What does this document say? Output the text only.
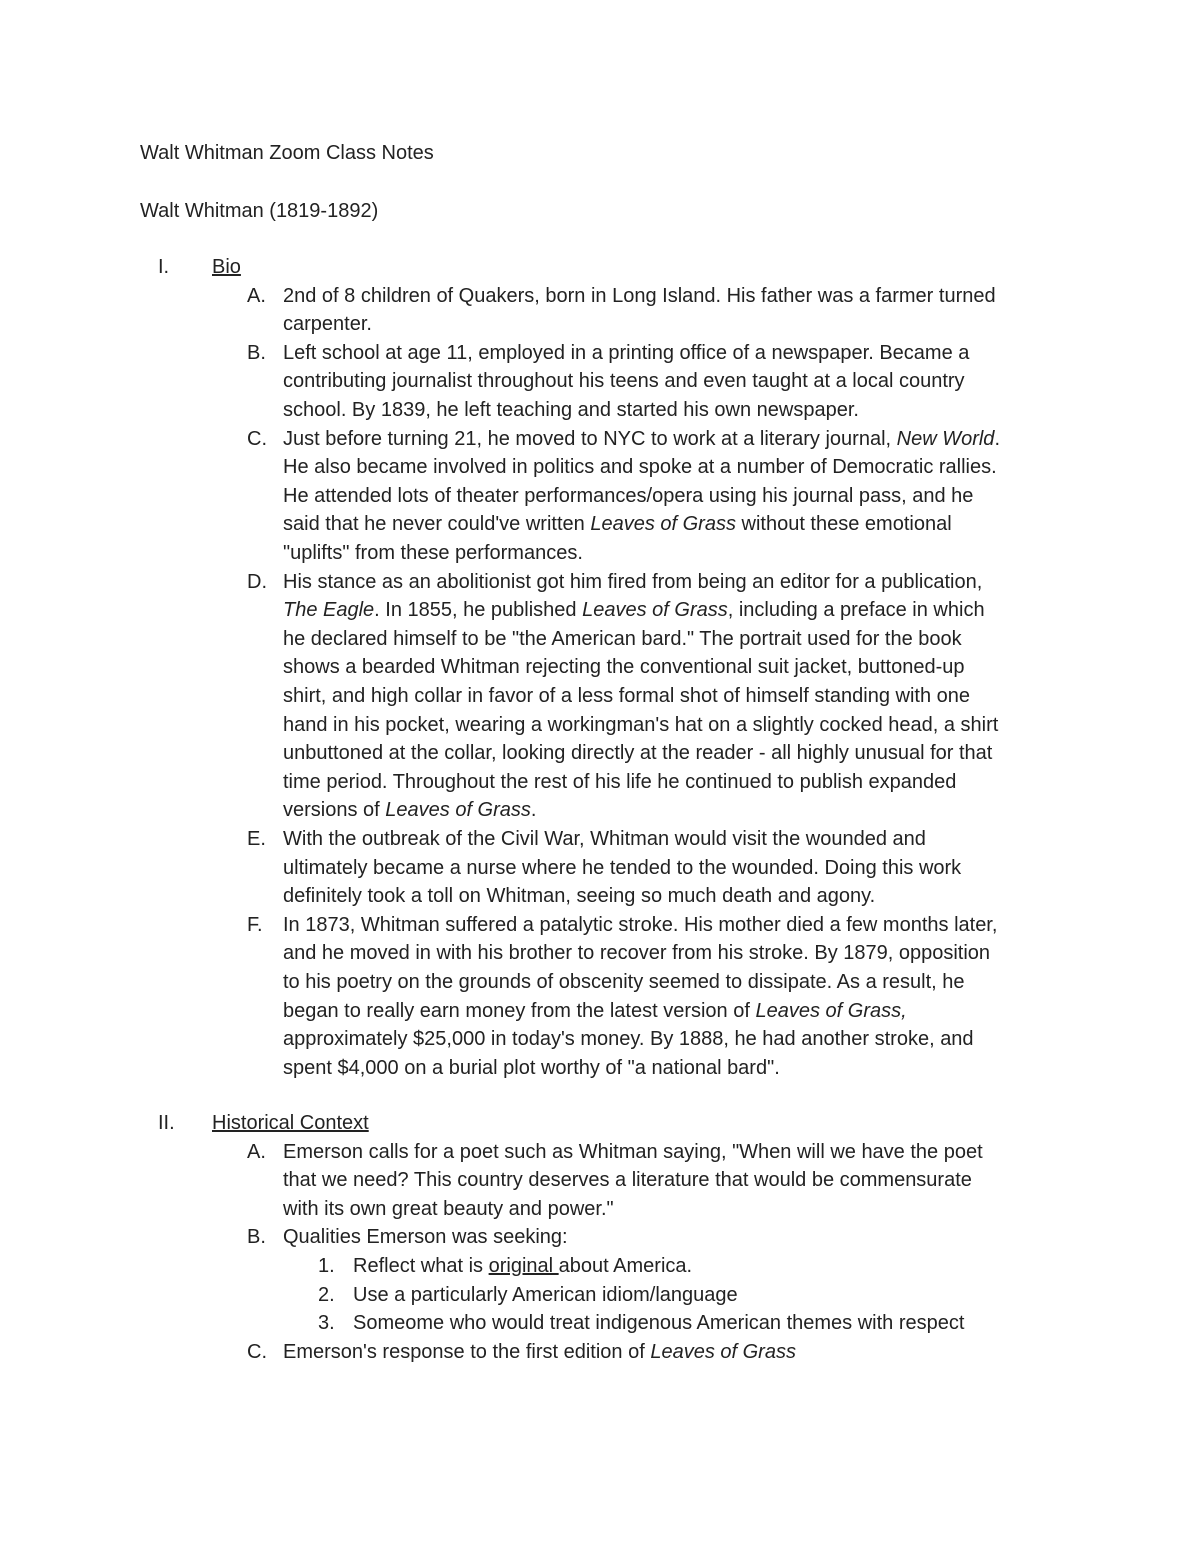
Walt Whitman Zoom Class Notes
Walt Whitman (1819-1892)
I. Bio
A. 2nd of 8 children of Quakers, born in Long Island. His father was a farmer turned
carpenter.
B. Left school at age 11, employed in a printing office of a newspaper. Became a
contributing journalist throughout his teens and even taught at a local country
school. By 1839, he left teaching and started his own newspaper.
C. Just before turning 21, he moved to NYC to work at a literary journal, New World.
He also became involved in politics and spoke at a number of Democratic rallies.
He attended lots of theater performances/opera using his journal pass, and he
said that he never could've written Leaves of Grass without these emotional
"uplifts" from these performances.
D. His stance as an abolitionist got him fired from being an editor for a publication,
The Eagle. In 1855, he published Leaves of Grass, including a preface in which
he declared himself to be "the American bard." The portrait used for the book
shows a bearded Whitman rejecting the conventional suit jacket, buttoned-up
shirt, and high collar in favor of a less formal shot of himself standing with one
hand in his pocket, wearing a workingman's hat on a slightly cocked head, a shirt
unbuttoned at the collar, looking directly at the reader - all highly unusual for that
time period. Throughout the rest of his life he continued to publish expanded
versions of Leaves of Grass.
E. With the outbreak of the Civil War, Whitman would visit the wounded and
ultimately became a nurse where he tended to the wounded. Doing this work
definitely took a toll on Whitman, seeing so much death and agony.
F. In 1873, Whitman suffered a patalytic stroke. His mother died a few months later,
and he moved in with his brother to recover from his stroke. By 1879, opposition
to his poetry on the grounds of obscenity seemed to dissipate. As a result, he
began to really earn money from the latest version of Leaves of Grass,
approximately $25,000 in today's money. By 1888, he had another stroke, and
spent $4,000 on a burial plot worthy of "a national bard".
II. Historical Context
A. Emerson calls for a poet such as Whitman saying, "When will we have the poet
that we need? This country deserves a literature that would be commensurate
with its own great beauty and power."
B. Qualities Emerson was seeking:
1. Reflect what is original about America.
2. Use a particularly American idiom/language
3. Someome who would treat indigenous American themes with respect
C. Emerson's response to the first edition of Leaves of Grass
